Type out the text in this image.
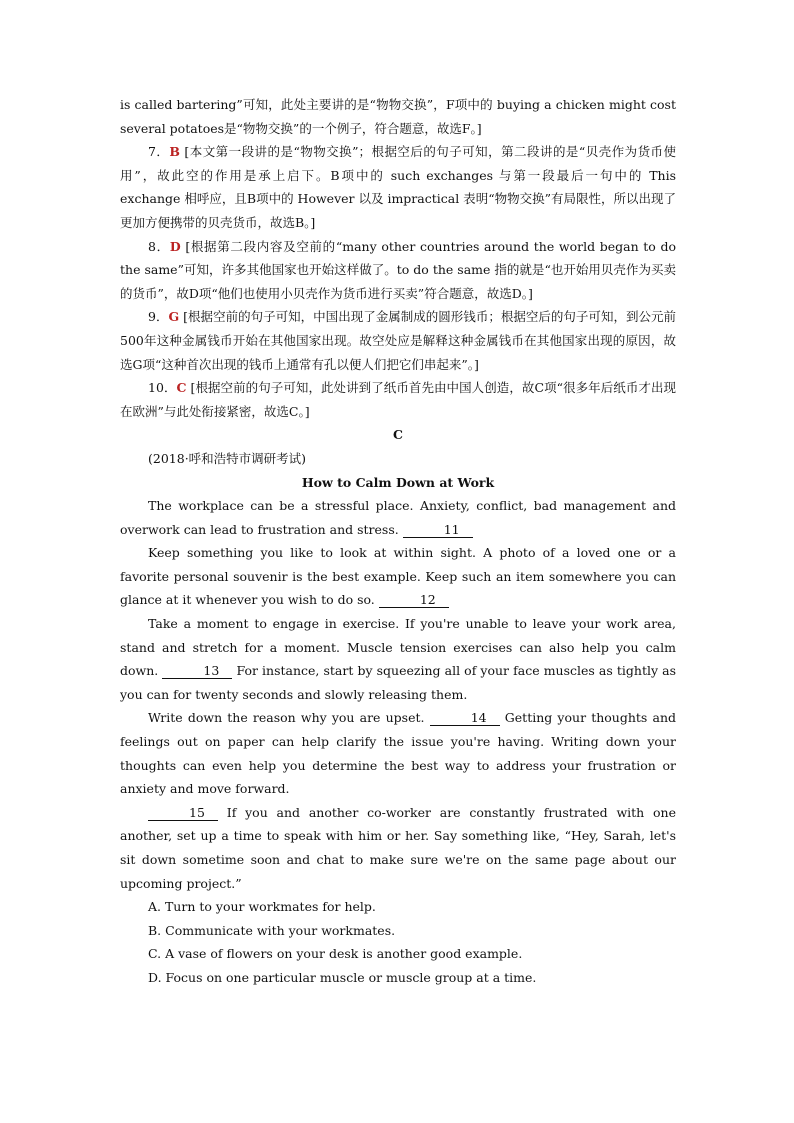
is called bartering”可知，此处主要讲的是“物物交换”，F项中的 buying a chicken might cost several potatoes是“物物交换”的一个例子，符合题意，故选F。]

7．B [本文第一段讲的是“物物交换”；根据空后的句子可知，第二段讲的是“贝壳作为货币使用”，故此空的作用是承上启下。B项中的 such exchanges 与第一段最后一句中的 This exchange 相呼应，且B项中的 However 以及 impractical 表明“物物交换”有局限性，所以出现了更加方便携带的贝壳货币，故选B。]

8．D [根据第二段内容及空前的“many other countries around the world began to do the same”可知，许多其他国家也开始这样做了。to do the same 指的就是“也开始用贝壳作为买卖的货币”，故D项“他们也使用小贝壳作为货币进行买卖”符合题意，故选D。]

9．G [根据空前的句子可知，中国出现了金属制成的圆形钱币；根据空后的句子可知，到公元前500年这种金属钱币开始在其他国家出现。故空处应是解释这种金属钱币在其他国家出现的原因，故选G项“这种首次出现的钱币上通常有孔以便人们把它们串起来”。]

10．C [根据空前的句子可知，此处讲到了纸币首先由中国人创造，故C项“很多年后纸币才出现在欧洲”与此处衔接紧密，故选C。]

C

(2018·呼和浩特市调研考试)

How to Calm Down at Work

The workplace can be a stressful place. Anxiety, conflict, bad management and overwork can lead to frustration and stress.	11

Keep something you like to look at within sight. A photo of a loved one or a favorite personal souvenir is the best example. Keep such an item somewhere you can glance at it whenever you wish to do so.	12

Take a moment to engage in exercise. If you're unable to leave your work area, stand and stretch for a moment. Muscle tension exercises can also help you calm down.	13 For instance, start by squeezing all of your face muscles as tightly as you can for twenty seconds and slowly releasing them.

Write down the reason why you are upset.	14 Getting your thoughts and feelings out on paper can help clarify the issue you're having. Writing down your thoughts can even help you determine the best way to address your frustration or anxiety and move forward.

15 If you and another co-worker are constantly frustrated with one another, set up a time to speak with him or her. Say something like, “Hey, Sarah, let's sit down sometime soon and chat to make sure we're on the same page about our upcoming project.”

A. Turn to your workmates for help.

B. Communicate with your workmates.

C. A vase of flowers on your desk is another good example.

D. Focus on one particular muscle or muscle group at a time.
